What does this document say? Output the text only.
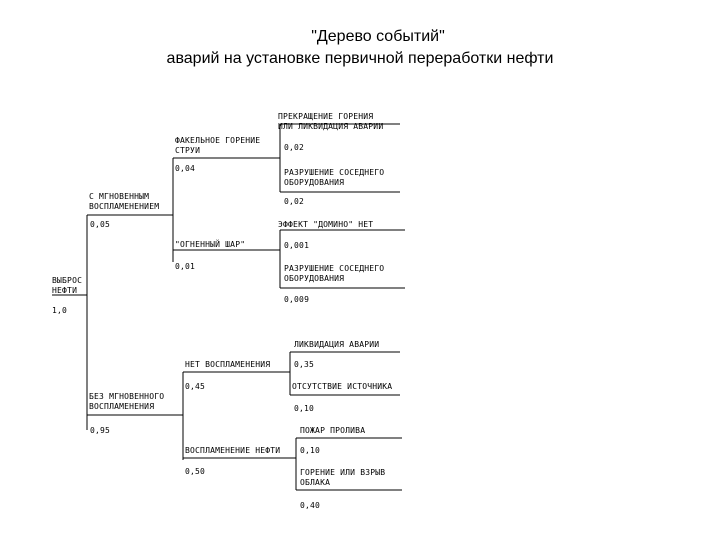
"Дерево событий"
аварий на установке первичной переработки нефти
ВЫБРОС
НЕФТИ
1,0
С МГНОВЕННЫМ
ВОСПЛАМЕНЕНИЕМ
0,05
ФАКЕЛЬНОЕ ГОРЕНИЕ
СТРУИ
0,04
"ОГНЕННЫЙ ШАР"
0,01
ПРЕКРАЩЕНИЕ ГОРЕНИЯ
ИЛИ ЛИКВИДАЦИЯ АВАРИИ
0,02
РАЗРУШЕНИЕ СОСЕДНЕГО
ОБОРУДОВАНИЯ
0,02
ЭФФЕКТ "ДОМИНО" НЕТ
0,001
РАЗРУШЕНИЕ СОСЕДНЕГО
ОБОРУДОВАНИЯ
0,009
БЕЗ МГНОВЕННОГО
ВОСПЛАМЕНЕНИЯ
0,95
НЕТ ВОСПЛАМЕНЕНИЯ
0,45
ВОСПЛАМЕНЕНИЕ НЕФТИ
0,50
ЛИКВИДАЦИЯ АВАРИИ
0,35
ОТСУТСТВИЕ ИСТОЧНИКА
0,10
ПОЖАР ПРОЛИВА
0,10
ГОРЕНИЕ ИЛИ ВЗРЫВ
ОБЛАКА
0,40
